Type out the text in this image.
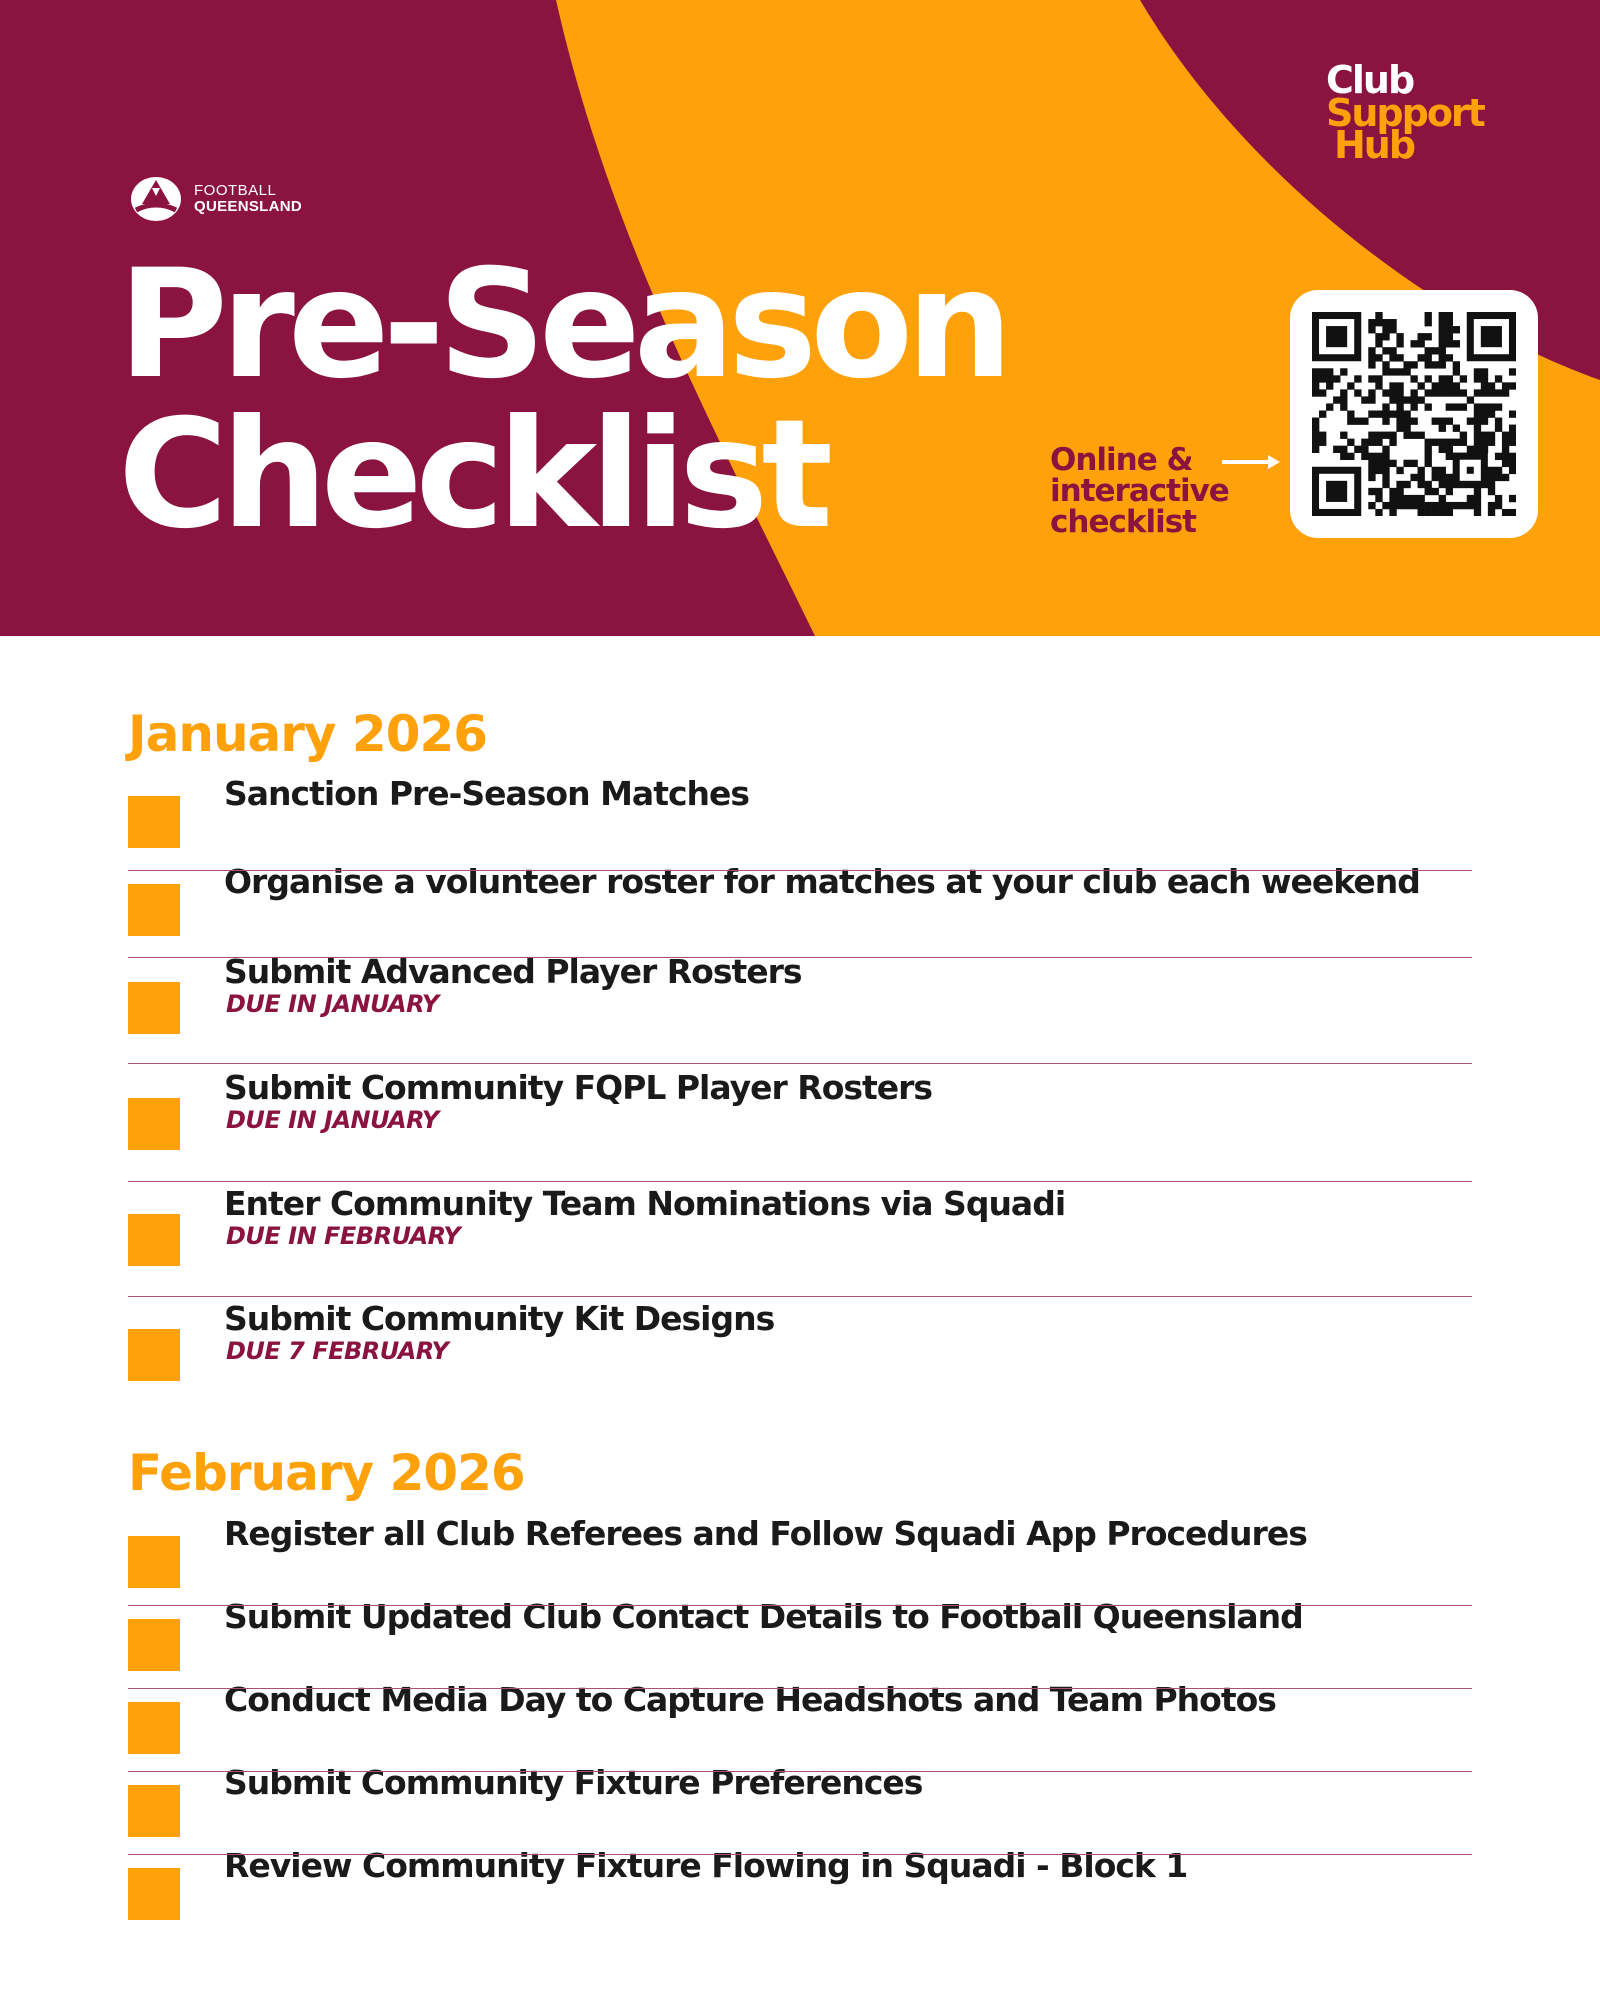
FOOTBALL
QUEENSLAND
Club
Support
Hub
Pre-Season
Checklist	Online &
interactive
checklist
January 2026
Sanction Pre-Season Matches
Organise a volunteer roster for matches at your club each weekend
Submit Advanced Player Rosters
DUE IN JANUARY
Submit Community FQPL Player Rosters
DUE IN JANUARY
Enter Community Team Nominations via Squadi
DUE IN FEBRUARY
Submit Community Kit Designs
DUE 7 FEBRUARY
February 2026
Register all Club Referees and Follow Squadi App Procedures
Submit Updated Club Contact Details to Football Queensland
Conduct Media Day to Capture Headshots and Team Photos
Submit Community Fixture Preferences
Review Community Fixture Flowing in Squadi - Block 1
